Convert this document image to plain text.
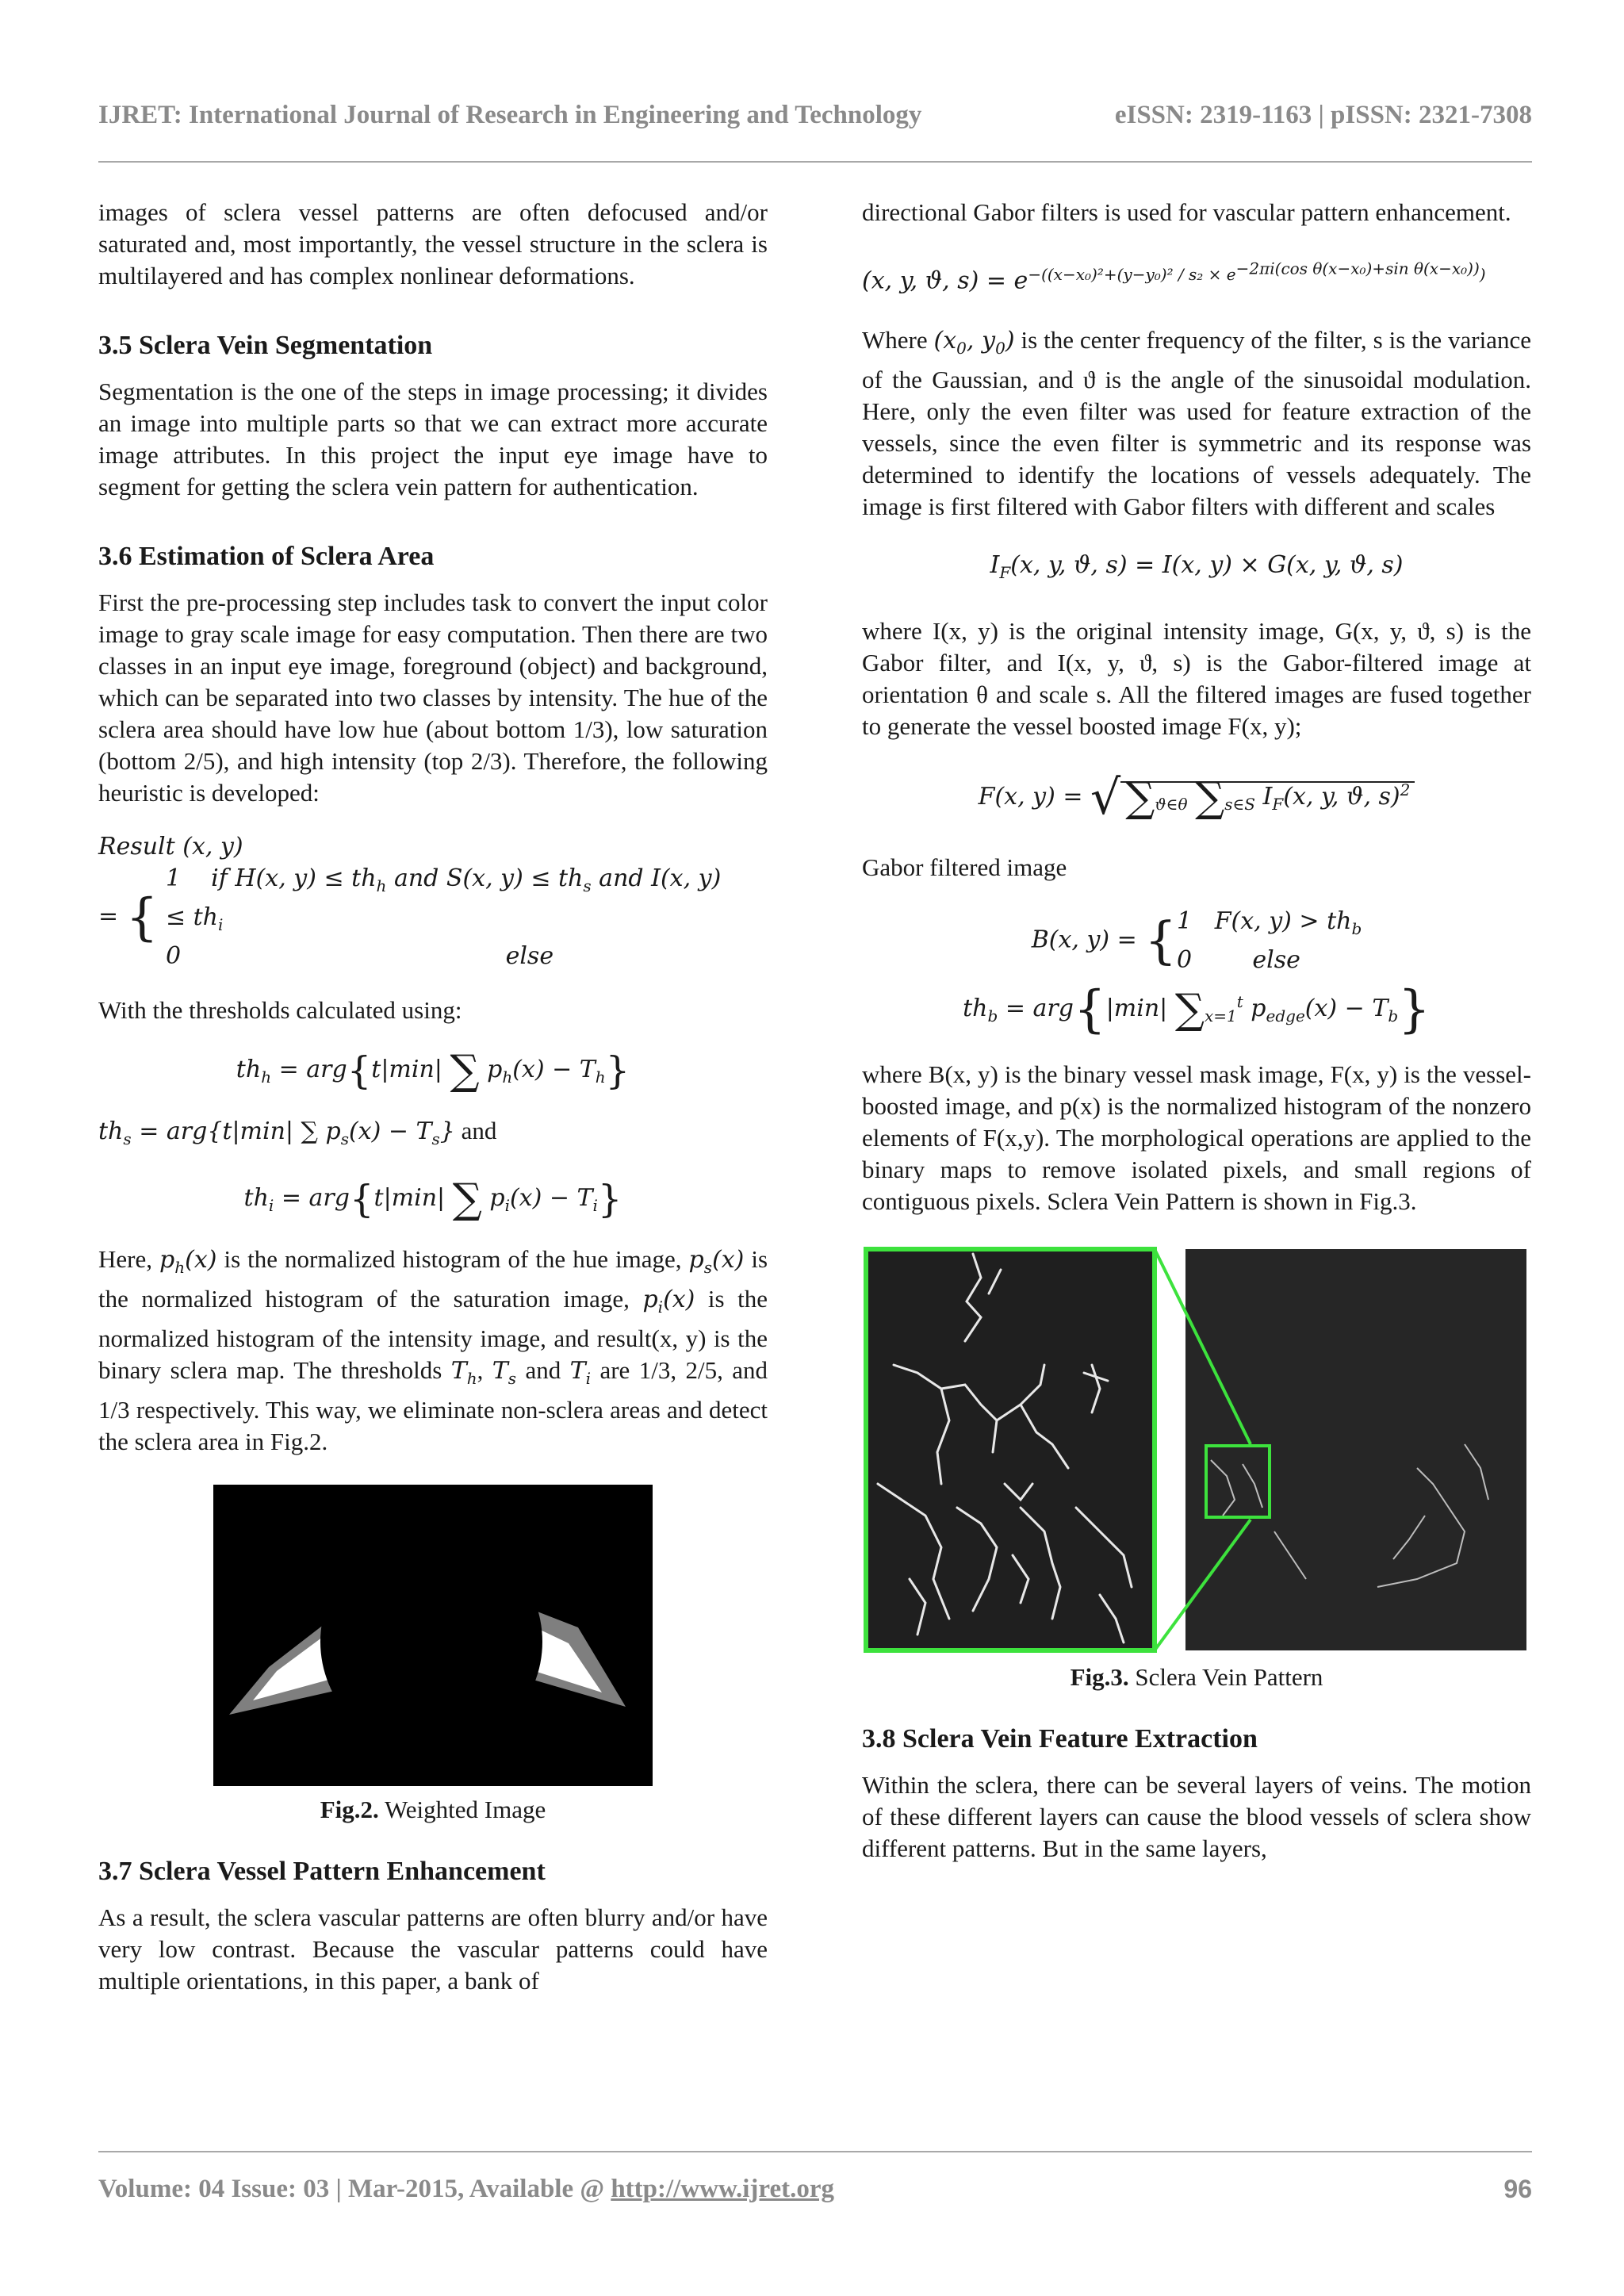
IJRET: International Journal of Research in Engineering and Technology	eISSN: 2319-1163 | pISSN: 2321-7308

images of sclera vessel patterns are often defocused and/or saturated and, most importantly, the vessel structure in the sclera is multilayered and has complex nonlinear deformations.

3.5 Sclera Vein Segmentation

Segmentation is the one of the steps in image processing; it divides an image into multiple parts so that we can extract more accurate image attributes. In this project the input eye image have to segment for getting the sclera vein pattern for authentication.

3.6 Estimation of Sclera Area

First the pre-processing step includes task to convert the input color image to gray scale image for easy computation. Then there are two classes in an input eye image, foreground (object) and background, which can be separated into two classes by intensity. The hue of the sclera area should have low hue (about bottom 1/3), low saturation (bottom 2/5), and high intensity (top 2/3). Therefore, the following heuristic is developed:

Result (x, y)
= {
1    if H(x, $y) \le th_h$ and S(x, $y) \le th_s$ and I(x, $y) \le th_i$
0	else

With the thresholds calculated using:

$th_h = arg\{t|\min|$ ∑ $p_h(x) - T_h$}
$th_s = arg\{t|\min|$ ∑ $p_s(x) - T_s$} and
$th_i = arg\{t|\min|$ ∑ $p_i(x) - T_i$}

Here, $p_h(x)$ is the normalized histogram of the hue image, $p_s(x)$ is the normalized histogram of the saturation image, $p_i(x)$ is the normalized histogram of the intensity image, and result(x, y) is the binary sclera map. The thresholds $T_h$, $T_s$ and $T_i$ are 1/3, 2/5, and 1/3 respectively. This way, we eliminate non-sclera areas and detect the sclera area in Fig.2.

Fig.2. Weighted Image
3.7 Sclera Vessel Pattern Enhancement

As a result, the sclera vascular patterns are often blurry and/or have very low contrast. Because the vascular patterns could have multiple orientations, in this paper, a bank of

directional Gabor filters is used for vascular pattern enhancement.

(x, y, ϑ, $s) = e^{-((x-x_0)^2+(y-y_0)^2 / s_2 \times e^{-2\pi i(cos \theta(x-x_0)+sin \theta(x-x_0))})}$

Where ($x_0$, $y_0$) is the center frequency of the filter, s is the variance of the Gaussian, and ϑ is the angle of the sinusoidal modulation. Here, only the even filter was used for feature extraction of the vessels, since the even filter is symmetric and its response was determined to identify the locations of vessels adequately. The image is first filtered with Gabor filters with different and scales

$I_F(x$, y, ϑ, s) = I(x, y) × G(x, y, ϑ, s)

where I(x, y) is the original intensity image, G(x, y, ϑ, s) is the Gabor filter, and I(x, y, ϑ, s) is the Gabor-filtered image at orientation θ and scale s. All the filtered images are fused together to generate the vessel boosted image F(x, y);

F(x, y) = √ $\sum_{ϑ\in\theta}$ $\sum_{s\in S}$ $I_F(x$, y, ϑ, s)$^2$

Gabor filtered image

B(x, y) = { 1   F(x, $y) > th_b$
0        else
$th_b = arg\{|\min|$ $\sum_{x=1}^t$ $p_{edge}(x) - T_b$}

where B(x, y) is the binary vessel mask image, F(x, y) is the vessel-boosted image, and p(x) is the normalized histogram of the nonzero elements of F(x,y). The morphological operations are applied to the binary maps to remove isolated pixels, and small regions of contiguous pixels. Sclera Vein Pattern is shown in Fig.3.

Fig.3. Sclera Vein Pattern
3.8 Sclera Vein Feature Extraction

Within the sclera, there can be several layers of veins. The motion of these different layers can cause the blood vessels of sclera show different patterns. But in the same layers,

Volume: 04 Issue: 03 | Mar-2015, Available @ http://www.ijret.org	96
